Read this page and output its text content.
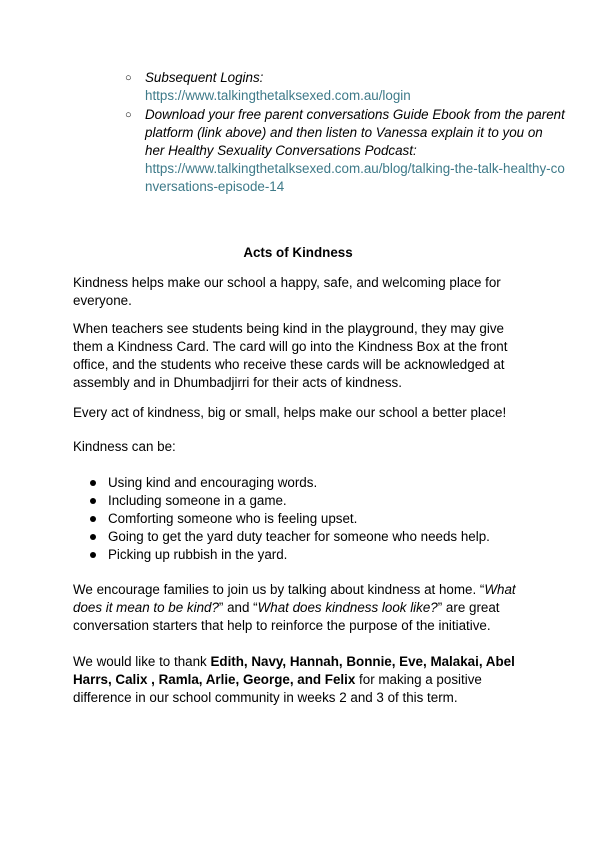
○ Subsequent Logins:
https://www.talkingthetalksexed.com.au/login
○ Download your free parent conversations Guide Ebook from the parent platform (link above) and then listen to Vanessa explain it to you on her Healthy Sexuality Conversations Podcast:
https://www.talkingthetalksexed.com.au/blog/talking-the-talk-healthy-conversations-episode-14
Acts of Kindness
Kindness helps make our school a happy, safe, and welcoming place for everyone.
When teachers see students being kind in the playground, they may give them a Kindness Card. The card will go into the Kindness Box at the front office, and the students who receive these cards will be acknowledged at assembly and in Dhumbadjirri for their acts of kindness.
Every act of kindness, big or small, helps make our school a better place!
Kindness can be:
Using kind and encouraging words.
Including someone in a game.
Comforting someone who is feeling upset.
Going to get the yard duty teacher for someone who needs help.
Picking up rubbish in the yard.
We encourage families to join us by talking about kindness at home. “What does it mean to be kind?” and “What does kindness look like?” are great conversation starters that help to reinforce the purpose of the initiative.
We would like to thank Edith, Navy, Hannah, Bonnie, Eve, Malakai, Abel Harrs, Calix , Ramla, Arlie, George, and Felix for making a positive difference in our school community in weeks 2 and 3 of this term.
